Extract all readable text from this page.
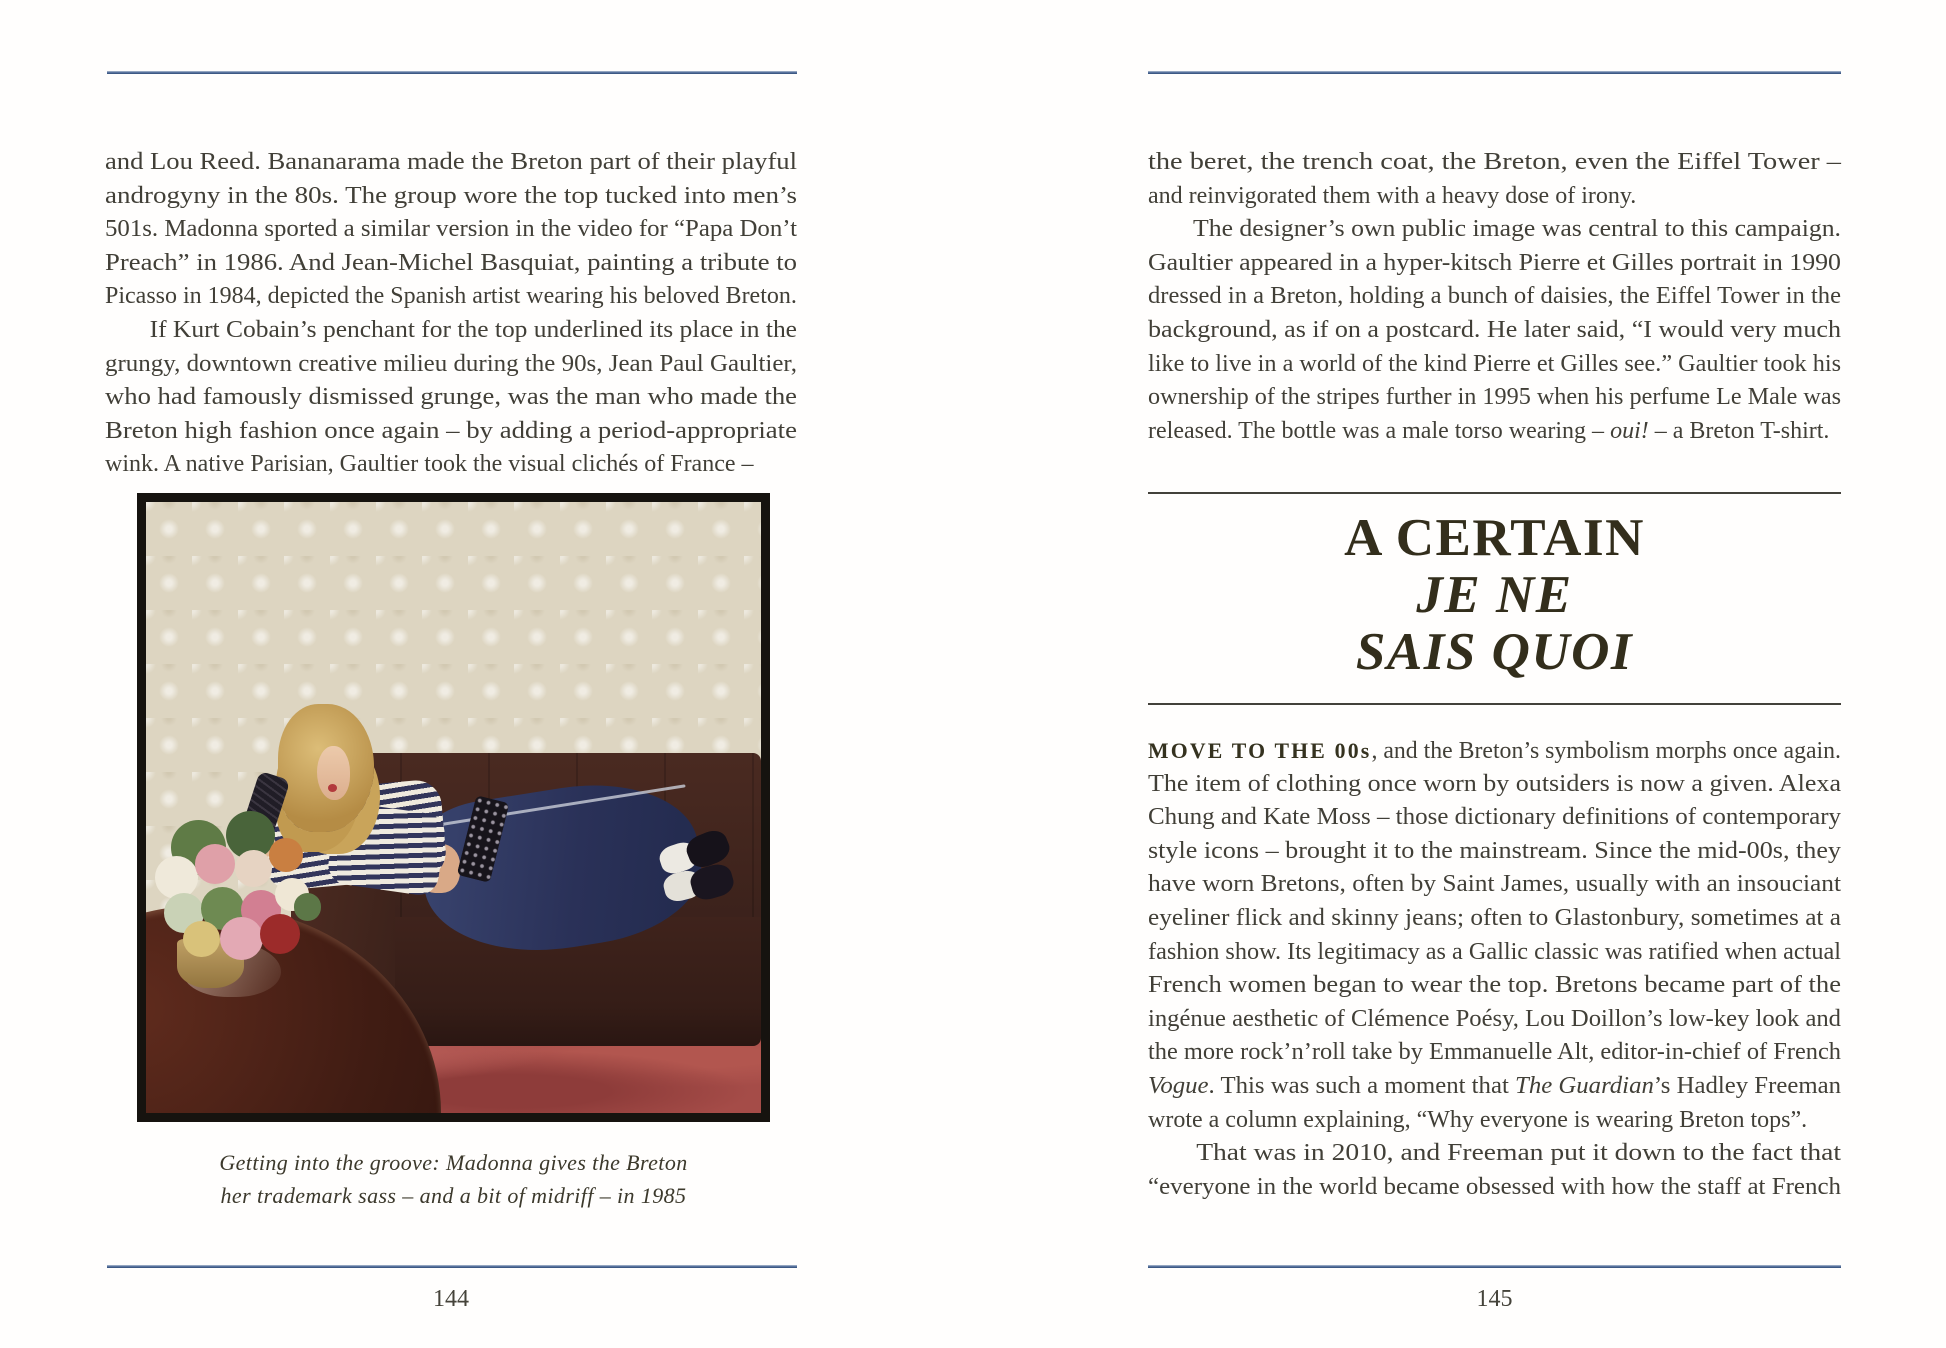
and Lou Reed. Bananarama made the Breton part of their playful
androgyny in the 80s. The group wore the top tucked into men’s
501s. Madonna sported a similar version in the video for “Papa Don’t
Preach” in 1986. And Jean-Michel Basquiat, painting a tribute to
Picasso in 1984, depicted the Spanish artist wearing his beloved Breton.
If Kurt Cobain’s penchant for the top underlined its place in the
grungy, downtown creative milieu during the 90s, Jean Paul Gaultier,
who had famously dismissed grunge, was the man who made the
Breton high fashion once again – by adding a period-appropriate
wink. A native Parisian, Gaultier took the visual clichés of France –
Getting into the groove: Madonna gives the Breton
her trademark sass – and a bit of midriff – in 1985
144
the beret, the trench coat, the Breton, even the Eiffel Tower –
and reinvigorated them with a heavy dose of irony.
The designer’s own public image was central to this campaign.
Gaultier appeared in a hyper-kitsch Pierre et Gilles portrait in 1990
dressed in a Breton, holding a bunch of daisies, the Eiffel Tower in the
background, as if on a postcard. He later said, “I would very much
like to live in a world of the kind Pierre et Gilles see.” Gaultier took his
ownership of the stripes further in 1995 when his perfume Le Male was
released. The bottle was a male torso wearing – oui! – a Breton T-shirt.
A CERTAIN
JE NE
SAIS QUOI
MOVE TO THE 00s, and the Breton’s symbolism morphs once again.
The item of clothing once worn by outsiders is now a given. Alexa
Chung and Kate Moss – those dictionary definitions of contemporary
style icons – brought it to the mainstream. Since the mid-00s, they
have worn Bretons, often by Saint James, usually with an insouciant
eyeliner flick and skinny jeans; often to Glastonbury, sometimes at a
fashion show. Its legitimacy as a Gallic classic was ratified when actual
French women began to wear the top. Bretons became part of the
ingénue aesthetic of Clémence Poésy, Lou Doillon’s low-key look and
the more rock’n’roll take by Emmanuelle Alt, editor-in-chief of French
Vogue. This was such a moment that The Guardian’s Hadley Freeman
wrote a column explaining, “Why everyone is wearing Breton tops”.
That was in 2010, and Freeman put it down to the fact that
“everyone in the world became obsessed with how the staff at French
145
